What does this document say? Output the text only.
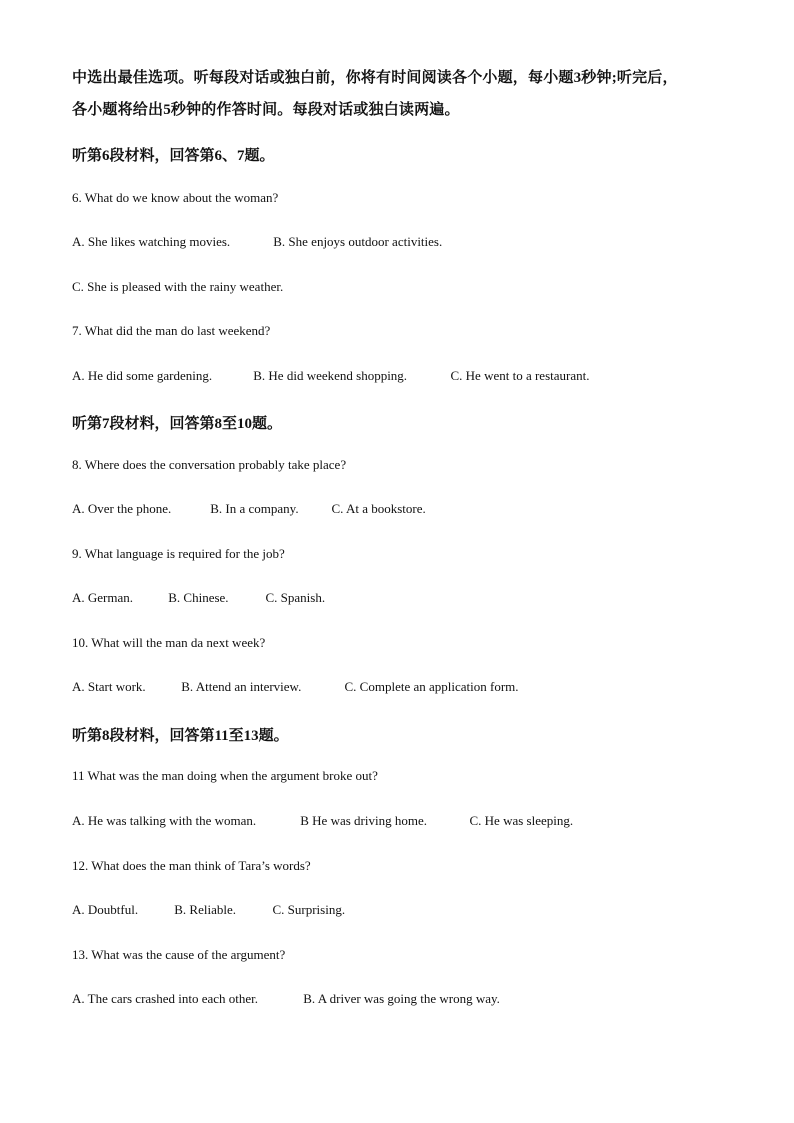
中选出最佳选项。听每段对话或独白前，你将有时间阅读各个小题，每小题3秒钟;听完后，
各小题将给出5秒钟的作答时间。每段对话或独白读两遍。
听第6段材料，回答第6、7题。
6. What do we know about the woman?
A. She likes watching movies.	B. She enjoys outdoor activities.
C. She is pleased with the rainy weather.
7. What did the man do last weekend?
A. He did some gardening.	B. He did weekend shopping.	C. He went to a restaurant.
听第7段材料，回答第8至10题。
8. Where does the conversation probably take place?
A. Over the phone.	B. In a company.	C. At a bookstore.
9. What language is required for the job?
A. German.	B. Chinese.	C. Spanish.
10. What will the man da next week?
A. Start work.	B. Attend an interview.	C. Complete an application form.
听第8段材料，回答第11至13题。
11 What was the man doing when the argument broke out?
A. He was talking with the woman.	B He was driving home.	C. He was sleeping.
12. What does the man think of Tara’s words?
A. Doubtful.	B. Reliable.	C. Surprising.
13. What was the cause of the argument?
A. The cars crashed into each other.	B. A driver was going the wrong way.
